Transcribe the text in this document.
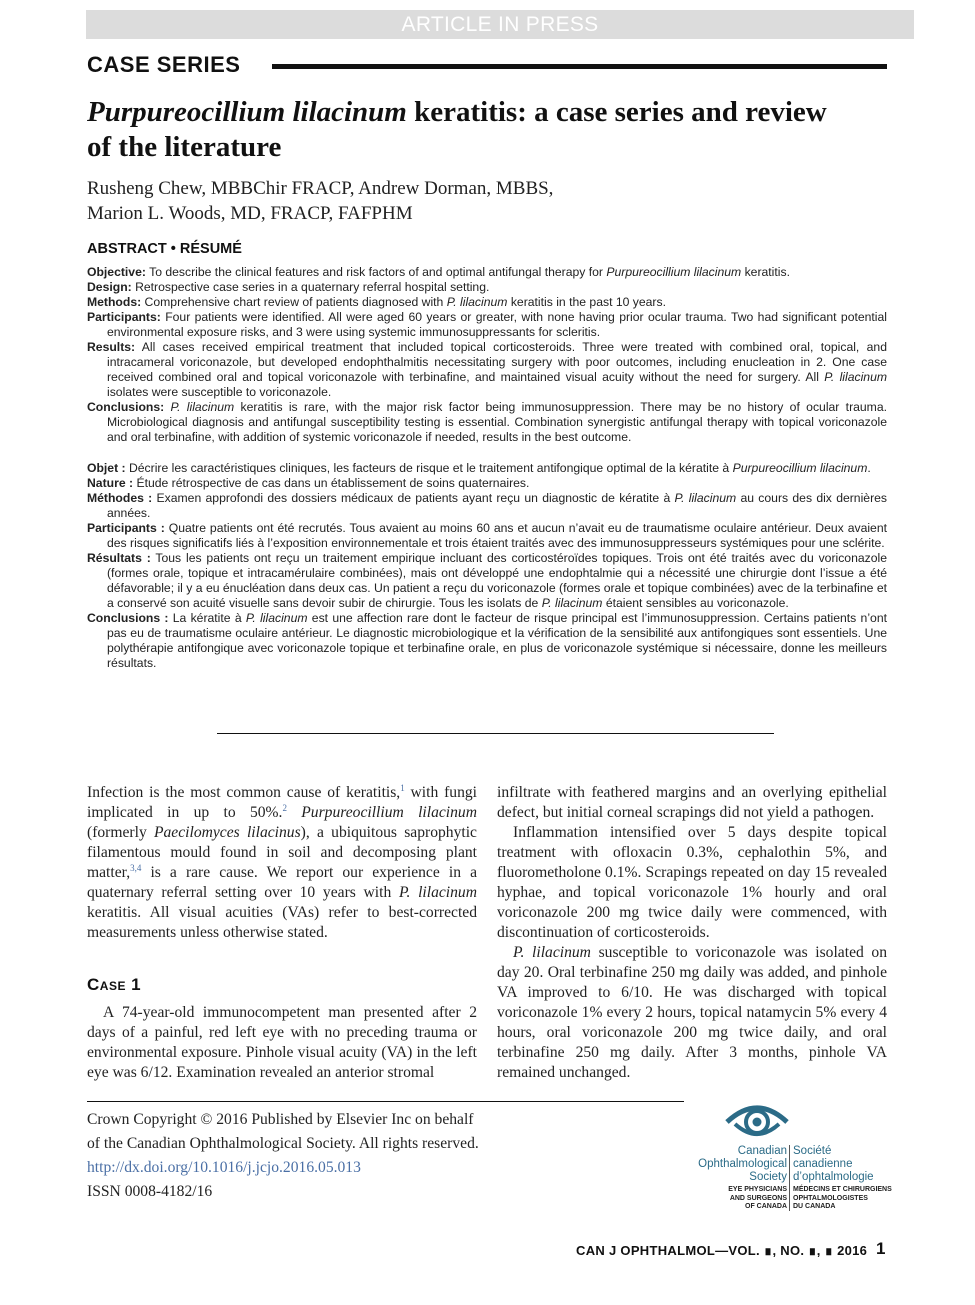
ARTICLE IN PRESS
CASE SERIES
Purpureocillium lilacinum keratitis: a case series and review of the literature
Rusheng Chew, MBBChir FRACP, Andrew Dorman, MBBS,
Marion L. Woods, MD, FRACP, FAFPHM
ABSTRACT • RÉSUMÉ

Objective: To describe the clinical features and risk factors of and optimal antifungal therapy for Purpureocillium lilacinum keratitis.

Design: Retrospective case series in a quaternary referral hospital setting.

Methods: Comprehensive chart review of patients diagnosed with P. lilacinum keratitis in the past 10 years.

Participants: Four patients were identified. All were aged 60 years or greater, with none having prior ocular trauma. Two had significant potential environmental exposure risks, and 3 were using systemic immunosuppressants for scleritis.

Results: All cases received empirical treatment that included topical corticosteroids. Three were treated with combined oral, topical, and intracameral voriconazole, but developed endophthalmitis necessitating surgery with poor outcomes, including enucleation in 2. One case received combined oral and topical voriconazole with terbinafine, and maintained visual acuity without the need for surgery. All P. lilacinum isolates were susceptible to voriconazole.

Conclusions: P. lilacinum keratitis is rare, with the major risk factor being immunosuppression. There may be no history of ocular trauma. Microbiological diagnosis and antifungal susceptibility testing is essential. Combination synergistic antifungal therapy with topical voriconazole and oral terbinafine, with addition of systemic voriconazole if needed, results in the best outcome.

Objet : Décrire les caractéristiques cliniques, les facteurs de risque et le traitement antifongique optimal de la kératite à Purpureocillium lilacinum.

Nature : Étude rétrospective de cas dans un établissement de soins quaternaires.

Méthodes : Examen approfondi des dossiers médicaux de patients ayant reçu un diagnostic de kératite à P. lilacinum au cours des dix dernières années.

Participants : Quatre patients ont été recrutés. Tous avaient au moins 60 ans et aucun n’avait eu de traumatisme oculaire antérieur. Deux avaient des risques significatifs liés à l’exposition environnementale et trois étaient traités avec des immunosuppresseurs systémiques pour une sclérite.

Résultats : Tous les patients ont reçu un traitement empirique incluant des corticostéroïdes topiques. Trois ont été traités avec du voriconazole (formes orale, topique et intracamérulaire combinées), mais ont développé une endophtalmie qui a nécessité une chirurgie dont l’issue a été défavorable; il y a eu énucléation dans deux cas. Un patient a reçu du voriconazole (formes orale et topique combinées) avec de la terbinafine et a conservé son acuité visuelle sans devoir subir de chirurgie. Tous les isolats de P. lilacinum étaient sensibles au voriconazole.

Conclusions : La kératite à P. lilacinum est une affection rare dont le facteur de risque principal est l’immunosuppression. Certains patients n’ont pas eu de traumatisme oculaire antérieur. Le diagnostic microbiologique et la vérification de la sensibilité aux antifongiques sont essentiels. Une polythérapie antifongique avec voriconazole topique et terbinafine orale, en plus de voriconazole systémique si nécessaire, donne les meilleurs résultats.

Infection is the most common cause of keratitis,$^1$ with fungi implicated in up to 50%.$^2$ Purpureocillium lilacinum (formerly Paecilomyces lilacinus), a ubiquitous saprophytic filamentous mould found in soil and decomposing plant matter,$^{3,4}$ is a rare cause. We report our experience in a quaternary referral setting over 10 years with P. lilacinum keratitis. All visual acuities (VAs) refer to best-corrected measurements unless otherwise stated.

Case 1
A 74-year-old immunocompetent man presented after 2 days of a painful, red left eye with no preceding trauma or environmental exposure. Pinhole visual acuity (VA) in the left eye was 6/12. Examination revealed an anterior stromal

infiltrate with feathered margins and an overlying epithelial defect, but initial corneal scrapings did not yield a pathogen.

Inflammation intensified over 5 days despite topical treatment with ofloxacin 0.3%, cephalothin 5%, and fluorometholone 0.1%. Scrapings repeated on day 15 revealed hyphae, and topical voriconazole 1% hourly and oral voriconazole 200 mg twice daily were commenced, with discontinuation of corticosteroids.

P. lilacinum susceptible to voriconazole was isolated on day 20. Oral terbinafine 250 mg daily was added, and pinhole VA improved to 6/10. He was discharged with topical voriconazole 1% every 2 hours, topical natamycin 5% every 4 hours, oral voriconazole 200 mg twice daily, and oral terbinafine 250 mg daily. After 3 months, pinhole VA remained unchanged.

Crown Copyright © 2016 Published by Elsevier Inc on behalf of the Canadian Ophthalmological Society. All rights reserved.
http://dx.doi.org/10.1016/j.jcjo.2016.05.013
ISSN 0008-4182/16
Canadian
Ophthalmological
Society
Société
canadienne
d’ophtalmologie
EYE PHYSICIANS
AND SURGEONS
OF CANADA
MÉDECINS ET CHIRURGIENS
OPHTALMOLOGISTES
DU CANADA
CAN J OPHTHALMOL—VOL. ∎, NO. ∎, ∎ 2016 1
